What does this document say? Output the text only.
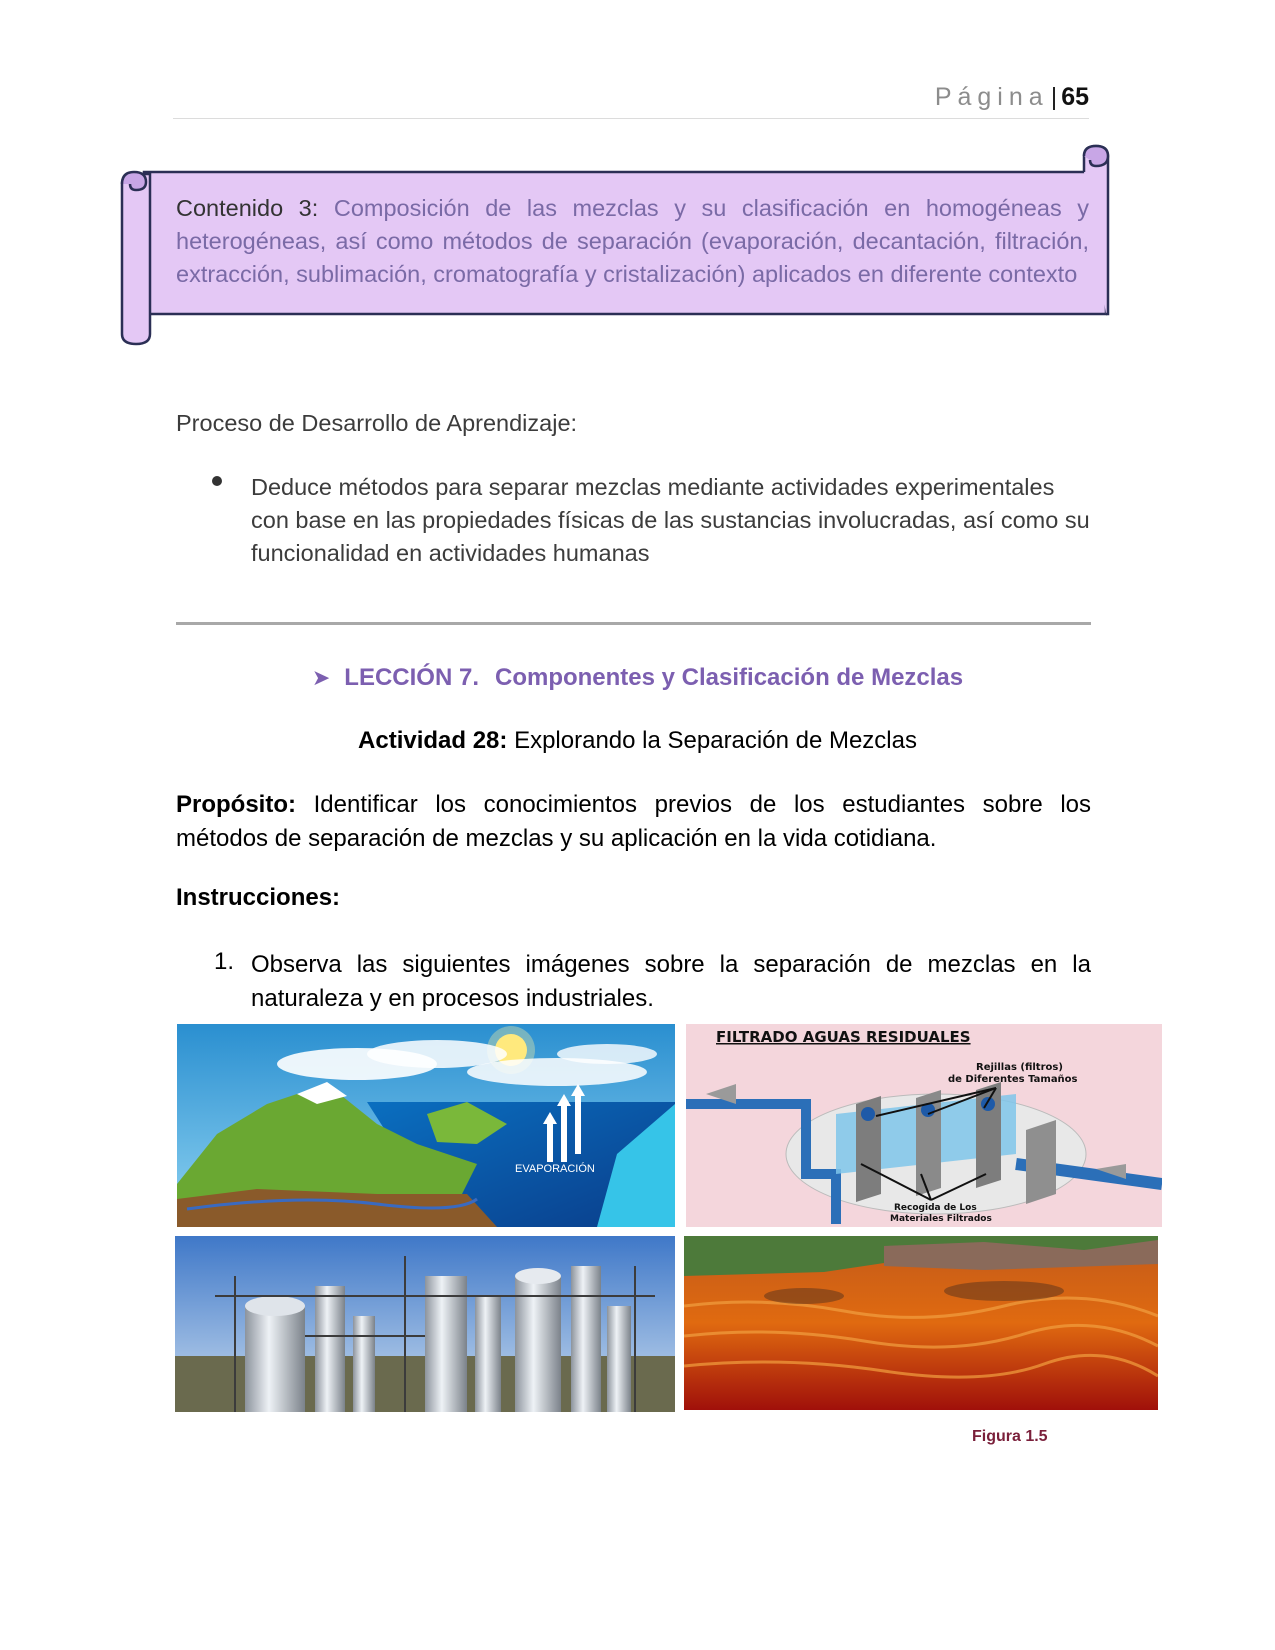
Página| 65
Contenido 3: Composición de las mezclas y su clasificación en homogéneas y heterogéneas, así como métodos de separación (evaporación, decantación, filtración, extracción, sublimación, cromatografía y cristalización) aplicados en diferente contexto
Proceso de Desarrollo de Aprendizaje:
Deduce métodos para separar mezclas mediante actividades experimentales con base en las propiedades físicas de las sustancias involucradas, así como su funcionalidad en actividades humanas
➤ LECCIÓN 7. Componentes y Clasificación de Mezclas
Actividad 28: Explorando la Separación de Mezclas
Propósito: Identificar los conocimientos previos de los estudiantes sobre los métodos de separación de mezclas y su aplicación en la vida cotidiana.
Instrucciones:
1. Observa las siguientes imágenes sobre la separación de mezclas en la naturaleza y en procesos industriales.
EVAPORACIÓN
FILTRADO AGUAS RESIDUALES
Rejillas (filtros)
de Diferentes Tamaños
Recogida de Los
Materiales Filtrados
Figura 1.5
